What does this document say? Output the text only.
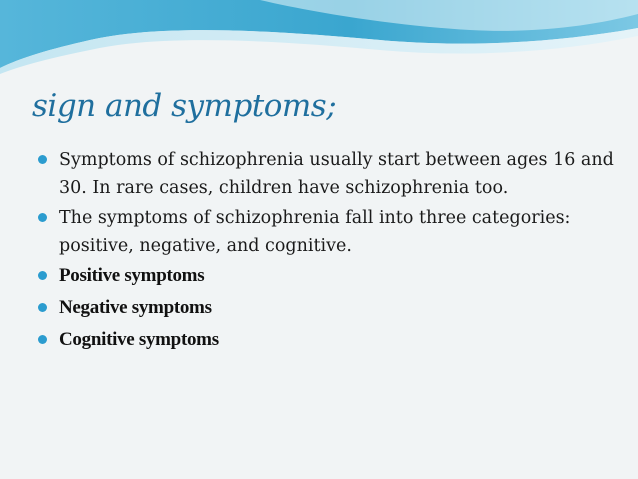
sign and symptoms;
Symptoms of schizophrenia usually start between ages 16 and 30. In rare cases, children have schizophrenia too.
The symptoms of schizophrenia fall into three categories: positive, negative, and cognitive.
Positive symptoms
Negative symptoms
Cognitive symptoms
